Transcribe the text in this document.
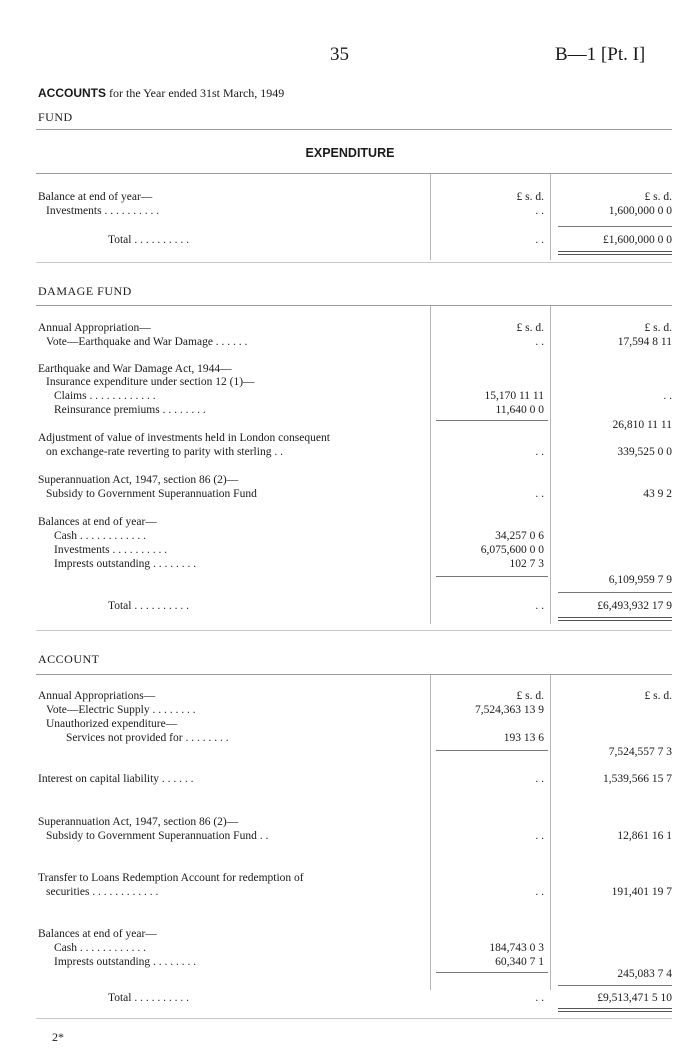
35	B—1 [Pt. I]
ACCOUNTS for the Year ended 31st March, 1949
FUND
EXPENDITURE
Balance at end of year—	£ s. d.	£ s. d.
Investments . . . . . . . . . .	. .	1,600,000 0 0
Total . . . . . . . . . .	. .	£1,600,000 0 0
DAMAGE FUND
Annual Appropriation—	£ s. d.	£ s. d.
Vote—Earthquake and War Damage . . . . . .	. .	17,594 8 11
Earthquake and War Damage Act, 1944—
Insurance expenditure under section 12 (1)—
Claims . . . . . . . . . . . .	15,170 11 11	. .
Reinsurance premiums . . . . . . . .	11,640 0 0
26,810 11 11
Adjustment of value of investments held in London consequent
on exchange-rate reverting to parity with sterling . .	. .	339,525 0 0
Superannuation Act, 1947, section 86 (2)—
Subsidy to Government Superannuation Fund	. .	43 9 2
Balances at end of year—
Cash . . . . . . . . . . . .	34,257 0 6
Investments . . . . . . . . . .	6,075,600 0 0
Imprests outstanding . . . . . . . .	102 7 3
6,109,959 7 9
Total . . . . . . . . . .	. .	£6,493,932 17 9
ACCOUNT
Annual Appropriations—	£ s. d.	£ s. d.
Vote—Electric Supply . . . . . . . .	7,524,363 13 9
Unauthorized expenditure—
Services not provided for . . . . . . . .	193 13 6
7,524,557 7 3
Interest on capital liability . . . . . .	. .	1,539,566 15 7
Superannuation Act, 1947, section 86 (2)—
Subsidy to Government Superannuation Fund . .	. .	12,861 16 1
Transfer to Loans Redemption Account for redemption of
securities . . . . . . . . . . . .	. .	191,401 19 7
Balances at end of year—
Cash . . . . . . . . . . . .	184,743 0 3
Imprests outstanding . . . . . . . .	60,340 7 1
245,083 7 4
Total . . . . . . . . . .	. .	£9,513,471 5 10
2*
